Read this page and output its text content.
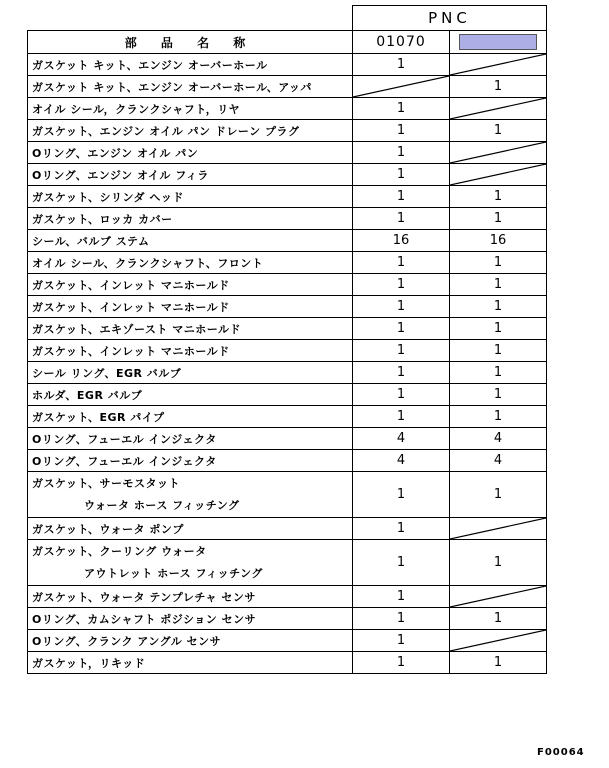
	PNC	
部 品 名 称	01070	
ガスケット キット、エンジン オーバーホール	1	

ガスケット キット、エンジン オーバーホール、アッパ		1
オイル シール，クランクシャフト，リヤ	1	

ガスケット、エンジン オイル パン ドレーン プラグ	1	1
Oリング、エンジン オイル パン	1	

Oリング、エンジン オイル フィラ	1	

ガスケット、シリンダ ヘッド	1	1
ガスケット、ロッカ カバー	1	1
シール、バルブ ステム	16	16
オイル シール、クランクシャフト、フロント	1	1
ガスケット、インレット マニホールド	1	1
ガスケット、インレット マニホールド	1	1
ガスケット、エキゾースト マニホールド	1	1
ガスケット、インレット マニホールド	1	1
シール リング、EGR バルブ	1	1
ホルダ、EGR バルブ	1	1
ガスケット、EGR パイプ	1	1
Oリング、フューエル インジェクタ	4	4
Oリング、フューエル インジェクタ	4	4
ガスケット、サーモスタット
ウォータ ホース フィッチング	1	1
ガスケット、ウォータ ポンプ	1	

ガスケット、クーリング ウォータ
アウトレット ホース フィッチング	1	1
ガスケット、ウォータ テンプレチャ センサ	1	

Oリング、カムシャフト ポジション センサ	1	1
Oリング、クランク アングル センサ	1	

ガスケット，リキッド	1	1
F00064
